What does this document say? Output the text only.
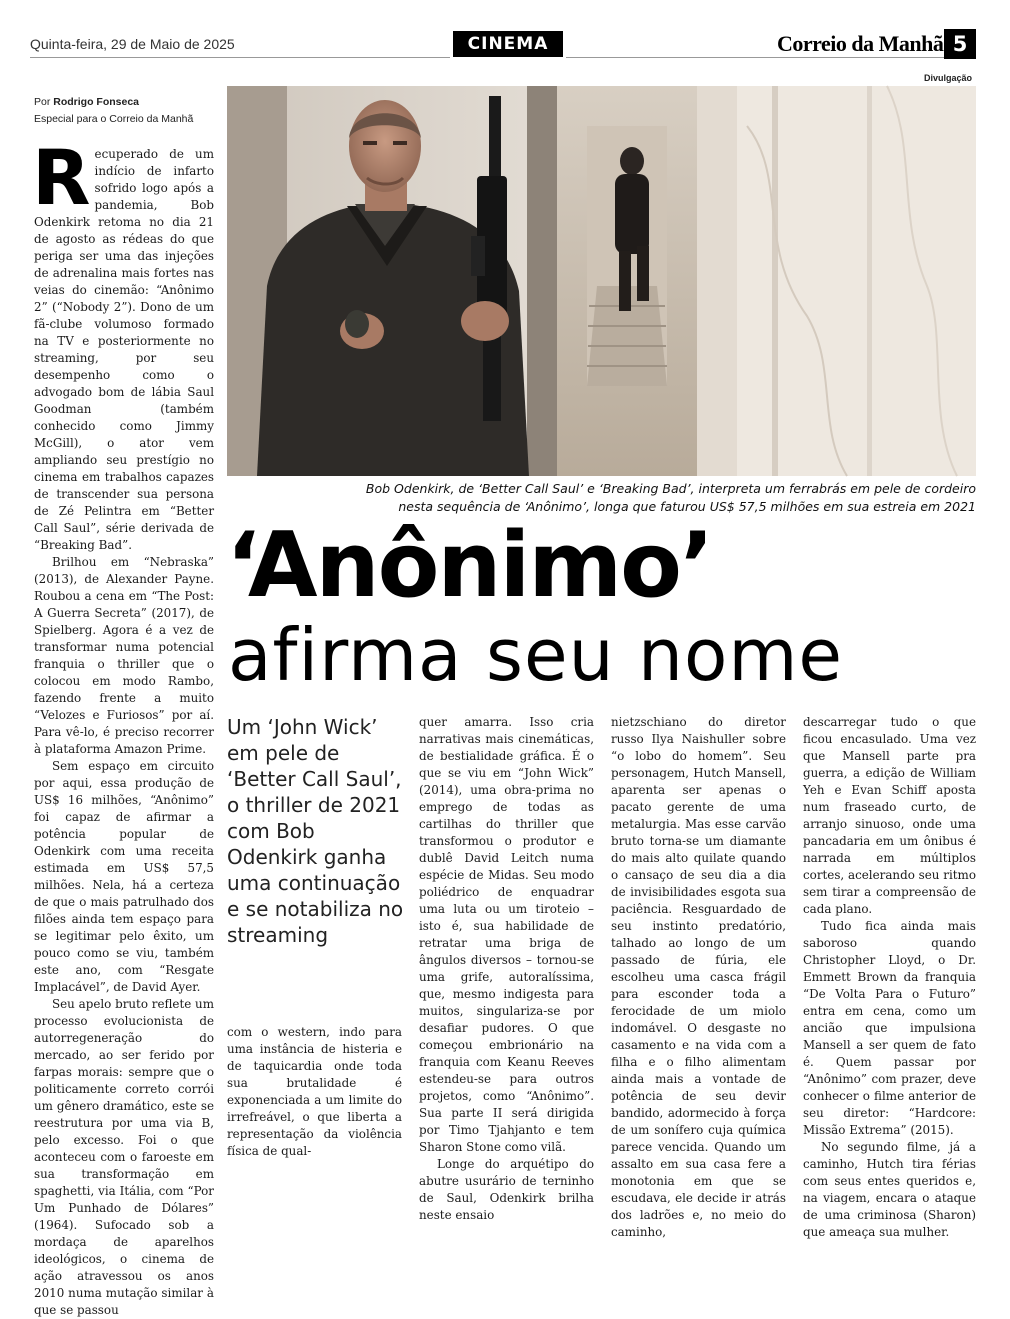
Quinta-feira, 29 de Maio de 2025	CINEMA	Correio da Manhã 5
Por Rodrigo Fonseca
Especial para o Correio da Manhã
Divulgação
Bob Odenkirk, de ‘Better Call Saul’ e ‘Breaking Bad’, interpreta um ferrabrás em pele de cordeiro
nesta sequência de ‘Anônimo’, longa que faturou US$ 57,5 milhões em sua estreia em 2021
‘Anônimo’
afirma seu nome
Um ‘John Wick’ em pele de ‘Better Call Saul’, o thriller de 2021 com Bob Odenkirk ganha uma continuação e se notabiliza no streaming
R ecuperado de um indício de infarto sofrido logo após a pandemia, Bob Odenkirk retoma no dia 21 de agosto as rédeas do que periga ser uma das injeções de adrenalina mais fortes nas veias do cinemão: “Anônimo 2” (“Nobody 2”). Dono de um fã-clube volumoso formado na TV e posteriormente no streaming, por seu desempenho como o advogado bom de lábia Saul Goodman (também conhecido como Jimmy McGill), o ator vem ampliando seu prestígio no cinema em trabalhos capazes de transcender sua persona de Zé Pelintra em “Better Call Saul”, série derivada de “Breaking Bad”.

Brilhou em “Nebraska” (2013), de Alexander Payne. Roubou a cena em “The Post: A Guerra Secreta” (2017), de Spielberg. Agora é a vez de transformar numa potencial franquia o thriller que o colocou em modo Rambo, fazendo frente a muito “Velozes e Furiosos” por aí. Para vê-lo, é preciso recorrer à plataforma Amazon Prime.

Sem espaço em circuito por aqui, essa produção de US$ 16 milhões, “Anônimo” foi capaz de afirmar a potência popular de Odenkirk com uma receita estimada em US$ 57,5 milhões. Nela, há a certeza de que o mais patrulhado dos filões ainda tem espaço para se legitimar pelo êxito, um pouco como se viu, também este ano, com “Resgate Implacável”, de David Ayer.

Seu apelo bruto reflete um processo evolucionista de autorregeneração do mercado, ao ser ferido por farpas morais: sempre que o politicamente correto corrói um gênero dramático, este se reestrutura por uma via B, pelo excesso. Foi o que aconteceu com o faroeste em sua transformação em spaghetti, via Itália, com “Por Um Punhado de Dólares” (1964). Sufocado sob a mordaça de aparelhos ideológicos, o cinema de ação atravessou os anos 2010 numa mutação similar à que se passou

com o western, indo para uma instância de histeria e de taquicardia onde toda sua brutalidade é exponenciada a um limite do irrefreável, o que liberta a representação da violência física de qual-

quer amarra. Isso cria narrativas mais cinemáticas, de bestialidade gráfica. É o que se viu em “John Wick” (2014), uma obra-prima no emprego de todas as cartilhas do thriller que transformou o produtor e dublê David Leitch numa espécie de Midas. Seu modo poliédrico de enquadrar uma luta ou um tiroteio – isto é, sua habilidade de retratar uma briga de ângulos diversos – tornou-se uma grife, autoralíssima, que, mesmo indigesta para muitos, singulariza-se por desafiar pudores. O que começou embrionário na franquia com Keanu Reeves estendeu-se para outros projetos, como “Anônimo”. Sua parte II será dirigida por Timo Tjahjanto e tem Sharon Stone como vilã.

Longe do arquétipo do abutre usurário de terninho de Saul, Odenkirk brilha neste ensaio

nietzschiano do diretor russo Ilya Naishuller sobre “o lobo do homem”. Seu personagem, Hutch Mansell, aparenta ser apenas o pacato gerente de uma metalurgia. Mas esse carvão bruto torna-se um diamante do mais alto quilate quando o cansaço de seu dia a dia de invisibilidades esgota sua paciência. Resguardado de seu instinto predatório, talhado ao longo de um passado de fúria, ele escolheu uma casca frágil para esconder toda a ferocidade de um miolo indomável. O desgaste no casamento e na vida com a filha e o filho alimentam ainda mais a vontade de potência de seu devir bandido, adormecido à força de um sonífero cuja química parece vencida. Quando um assalto em sua casa fere a monotonia em que se escudava, ele decide ir atrás dos ladrões e, no meio do caminho,

descarregar tudo o que ficou encasulado. Uma vez que Mansell parte pra guerra, a edição de William Yeh e Evan Schiff aposta num fraseado curto, de arranjo sinuoso, onde uma pancadaria em um ônibus é narrada em múltiplos cortes, acelerando seu ritmo sem tirar a compreensão de cada plano.

Tudo fica ainda mais saboroso quando Christopher Lloyd, o Dr. Emmett Brown da franquia “De Volta Para o Futuro” entra em cena, como um ancião que impulsiona Mansell a ser quem de fato é. Quem passar por “Anônimo” com prazer, deve conhecer o filme anterior de seu diretor: “Hardcore: Missão Extrema” (2015).

No segundo filme, já a caminho, Hutch tira férias com seus entes queridos e, na viagem, encara o ataque de uma criminosa (Sharon) que ameaça sua mulher.
